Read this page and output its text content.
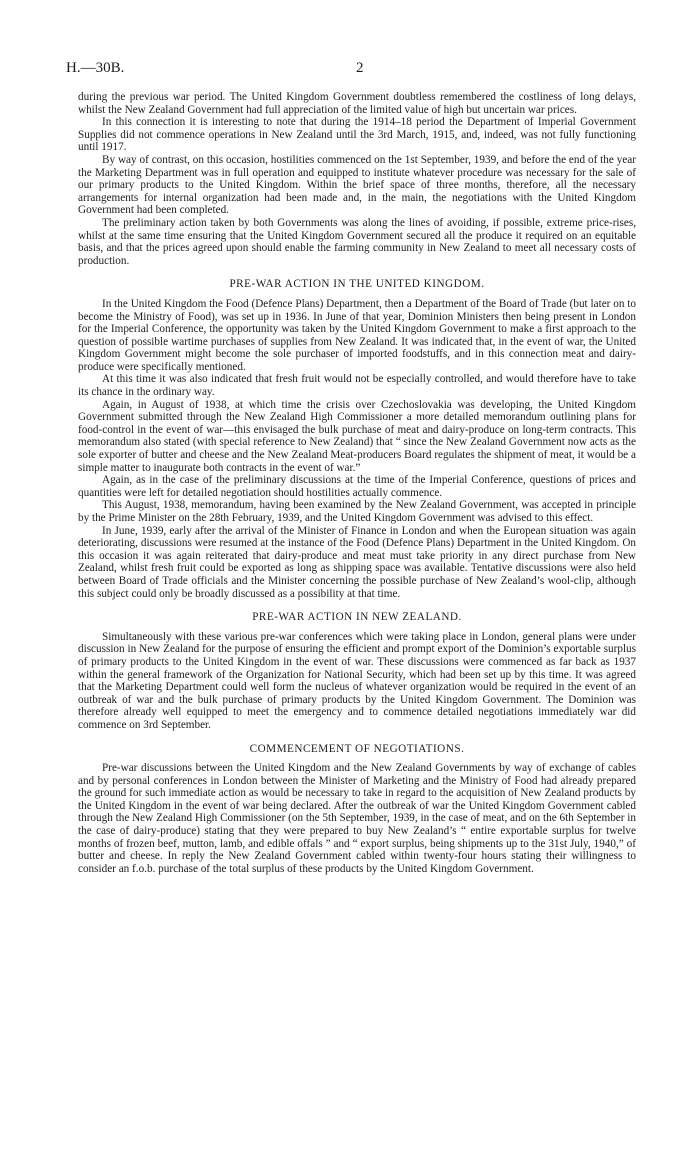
H.—30B.	2

during the previous war period. The United Kingdom Government doubtless remembered the costliness of long delays, whilst the New Zealand Government had full appreciation of the limited value of high but uncertain war prices.

In this connection it is interesting to note that during the 1914–18 period the Department of Imperial Government Supplies did not commence operations in New Zealand until the 3rd March, 1915, and, indeed, was not fully functioning until 1917.

By way of contrast, on this occasion, hostilities commenced on the 1st September, 1939, and before the end of the year the Marketing Department was in full operation and equipped to institute whatever procedure was necessary for the sale of our primary products to the United Kingdom. Within the brief space of three months, therefore, all the necessary arrangements for internal organization had been made and, in the main, the negotiations with the United Kingdom Government had been completed.

The preliminary action taken by both Governments was along the lines of avoiding, if possible, extreme price-rises, whilst at the same time ensuring that the United Kingdom Government secured all the produce it required on an equitable basis, and that the prices agreed upon should enable the farming community in New Zealand to meet all necessary costs of production.

PRE-WAR ACTION IN THE UNITED KINGDOM.

In the United Kingdom the Food (Defence Plans) Department, then a Department of the Board of Trade (but later on to become the Ministry of Food), was set up in 1936. In June of that year, Dominion Ministers then being present in London for the Imperial Conference, the opportunity was taken by the United Kingdom Government to make a first approach to the question of possible wartime purchases of supplies from New Zealand. It was indicated that, in the event of war, the United Kingdom Government might become the sole purchaser of imported foodstuffs, and in this connection meat and dairy-produce were specifically mentioned.

At this time it was also indicated that fresh fruit would not be especially controlled, and would therefore have to take its chance in the ordinary way.

Again, in August of 1938, at which time the crisis over Czechoslovakia was developing, the United Kingdom Government submitted through the New Zealand High Commissioner a more detailed memorandum outlining plans for food-control in the event of war—this envisaged the bulk purchase of meat and dairy-produce on long-term contracts. This memorandum also stated (with special reference to New Zealand) that “ since the New Zealand Government now acts as the sole exporter of butter and cheese and the New Zealand Meat-producers Board regulates the shipment of meat, it would be a simple matter to inaugurate both contracts in the event of war.”

Again, as in the case of the preliminary discussions at the time of the Imperial Conference, questions of prices and quantities were left for detailed negotiation should hostilities actually commence.

This August, 1938, memorandum, having been examined by the New Zealand Government, was accepted in principle by the Prime Minister on the 28th February, 1939, and the United Kingdom Government was advised to this effect.

In June, 1939, early after the arrival of the Minister of Finance in London and when the European situation was again deteriorating, discussions were resumed at the instance of the Food (Defence Plans) Department in the United Kingdom. On this occasion it was again reiterated that dairy-produce and meat must take priority in any direct purchase from New Zealand, whilst fresh fruit could be exported as long as shipping space was available. Tentative discussions were also held between Board of Trade officials and the Minister concerning the possible purchase of New Zealand’s wool-clip, although this subject could only be broadly discussed as a possibility at that time.

PRE-WAR ACTION IN NEW ZEALAND.

Simultaneously with these various pre-war conferences which were taking place in London, general plans were under discussion in New Zealand for the purpose of ensuring the efficient and prompt export of the Dominion’s exportable surplus of primary products to the United Kingdom in the event of war. These discussions were commenced as far back as 1937 within the general framework of the Organization for National Security, which had been set up by this time. It was agreed that the Marketing Department could well form the nucleus of whatever organization would be required in the event of an outbreak of war and the bulk purchase of primary products by the United Kingdom Government. The Dominion was therefore already well equipped to meet the emergency and to commence detailed negotiations immediately war did commence on 3rd September.

COMMENCEMENT OF NEGOTIATIONS.

Pre-war discussions between the United Kingdom and the New Zealand Governments by way of exchange of cables and by personal conferences in London between the Minister of Marketing and the Ministry of Food had already prepared the ground for such immediate action as would be necessary to take in regard to the acquisition of New Zealand products by the United Kingdom in the event of war being declared. After the outbreak of war the United Kingdom Government cabled through the New Zealand High Commissioner (on the 5th September, 1939, in the case of meat, and on the 6th September in the case of dairy-produce) stating that they were prepared to buy New Zealand’s “ entire exportable surplus for twelve months of frozen beef, mutton, lamb, and edible offals ” and “ export surplus, being shipments up to the 31st July, 1940,” of butter and cheese. In reply the New Zealand Government cabled within twenty-four hours stating their willingness to consider an f.o.b. purchase of the total surplus of these products by the United Kingdom Government.
